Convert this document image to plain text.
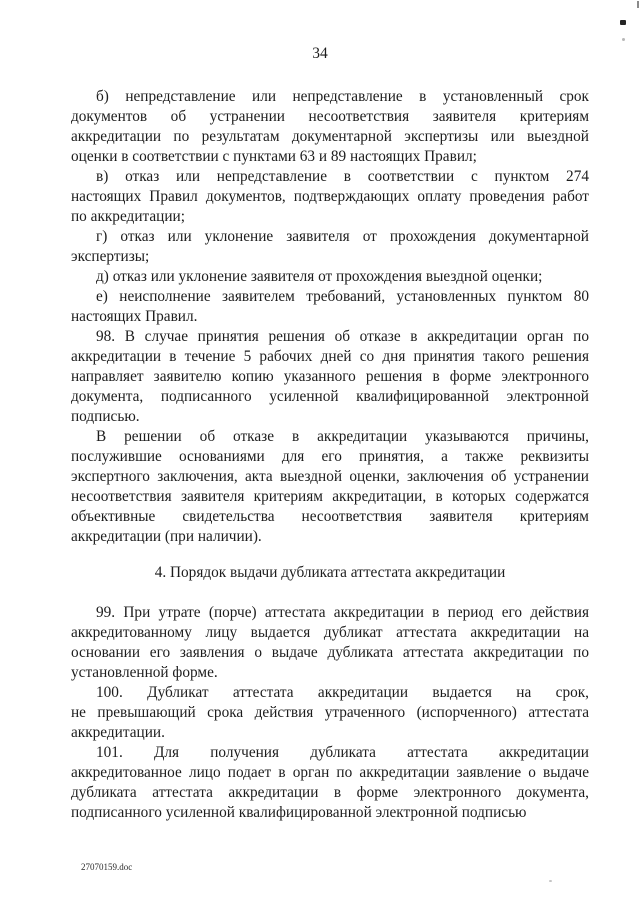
34
б) непредставление или непредставление в установленный срок
документов об устранении несоответствия заявителя критериям
аккредитации по результатам документарной экспертизы или выездной
оценки в соответствии с пунктами 63 и 89 настоящих Правил;
в) отказ или непредставление в соответствии с пунктом 274
настоящих Правил документов, подтверждающих оплату проведения работ
по аккредитации;
г) отказ или уклонение заявителя от прохождения документарной
экспертизы;
д) отказ или уклонение заявителя от прохождения выездной оценки;
е) неисполнение заявителем требований, установленных пунктом 80
настоящих Правил.
98. В случае принятия решения об отказе в аккредитации орган по
аккредитации в течение 5 рабочих дней со дня принятия такого решения
направляет заявителю копию указанного решения в форме электронного
документа, подписанного усиленной квалифицированной электронной
подписью.
В решении об отказе в аккредитации указываются причины,
послужившие основаниями для его принятия, а также реквизиты
экспертного заключения, акта выездной оценки, заключения об устранении
несоответствия заявителя критериям аккредитации, в которых содержатся
объективные свидетельства несоответствия заявителя критериям
аккредитации (при наличии).
4. Порядок выдачи дубликата аттестата аккредитации
99. При утрате (порче) аттестата аккредитации в период его действия
аккредитованному лицу выдается дубликат аттестата аккредитации на
основании его заявления о выдаче дубликата аттестата аккредитации по
установленной форме.
100. Дубликат аттестата аккредитации выдается на срок,
не превышающий срока действия утраченного (испорченного) аттестата
аккредитации.
101. Для получения дубликата аттестата аккредитации
аккредитованное лицо подает в орган по аккредитации заявление о выдаче
дубликата аттестата аккредитации в форме электронного документа,
подписанного усиленной квалифицированной электронной подписью
27070159.doc
